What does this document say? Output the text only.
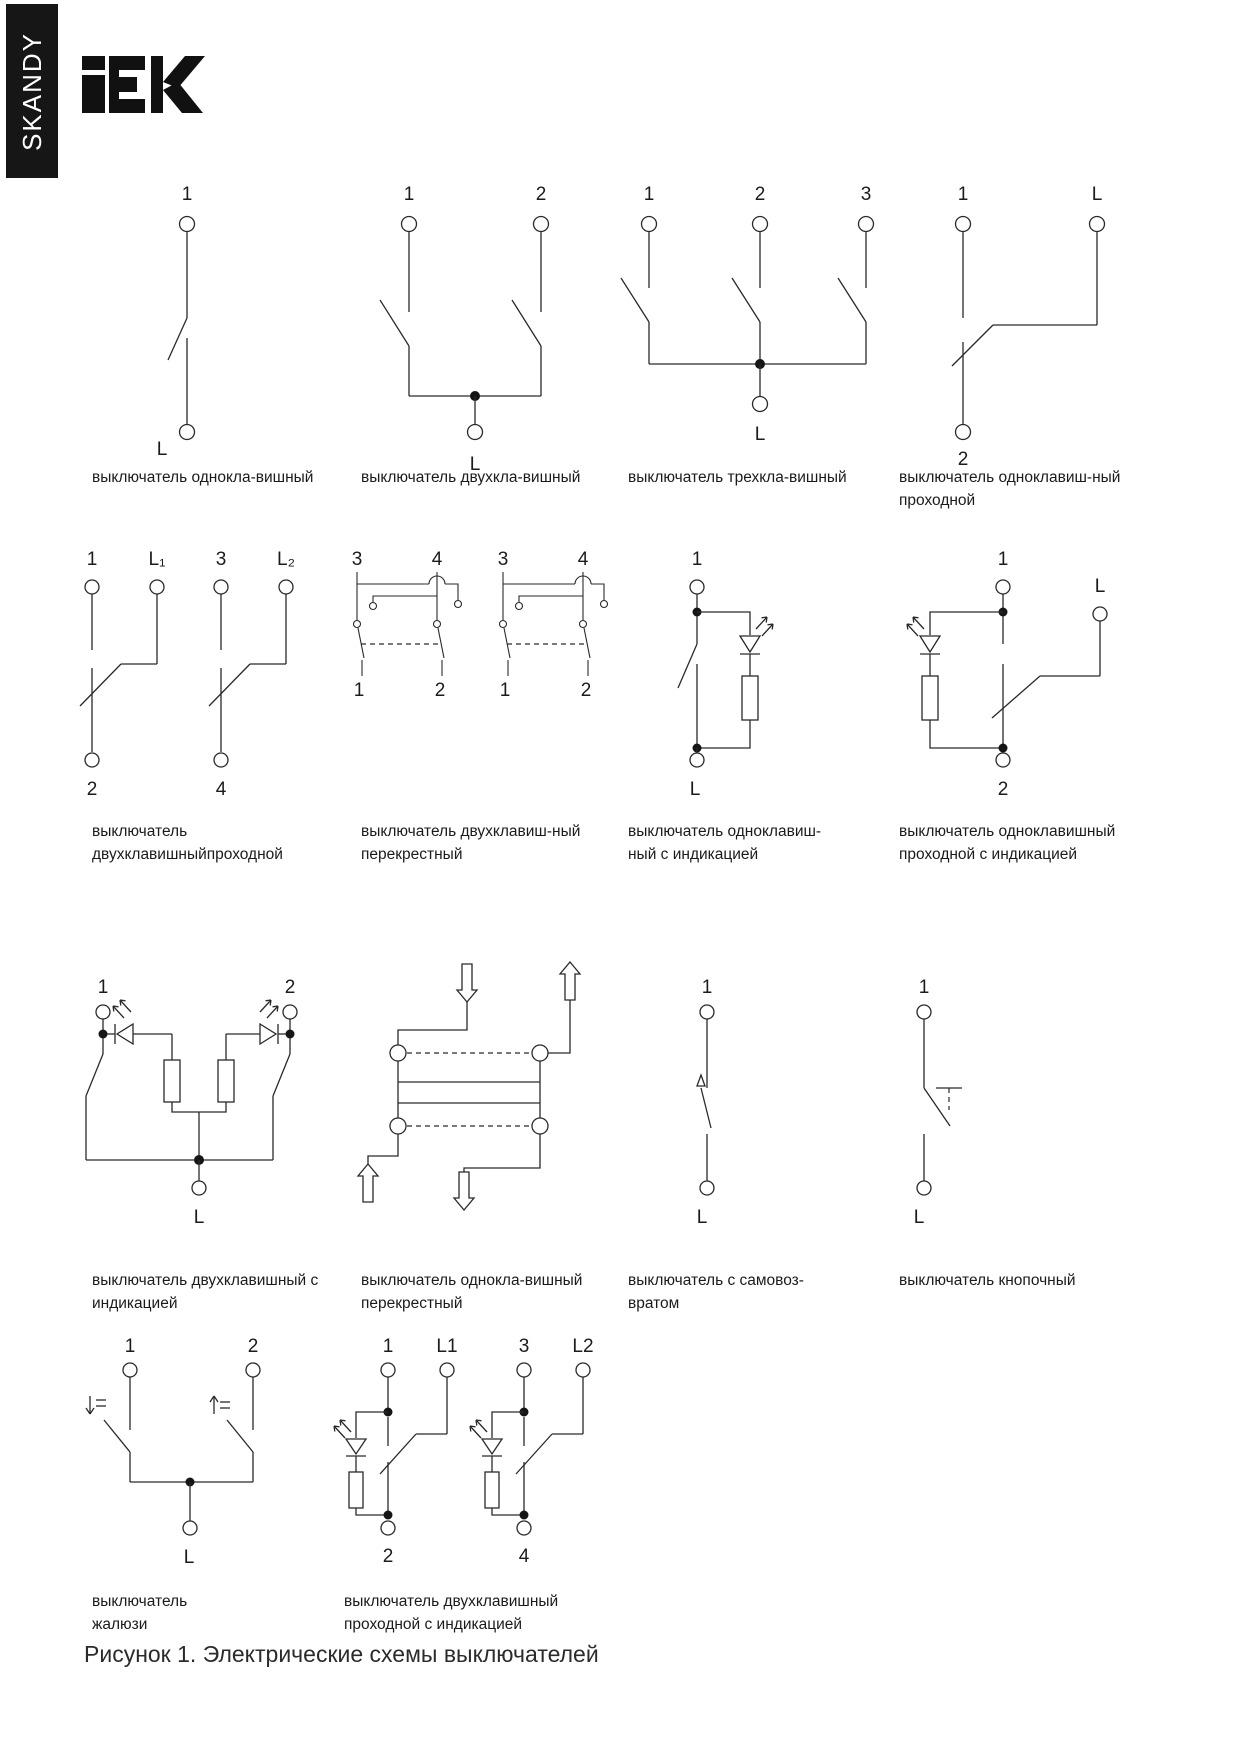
SKANDY
1
L
1	2
L
1	2	3
L
1	L
2
1	L₁
2
3	L₂
4
3	4
1	2
3	4
1	2
1
L
1
L
2
1	2
L
1
L
1
L
1	2
L
1 L1
2
3 L2
4
выключатель однокла-вишный	выключатель двухкла-вишный	выключатель трехкла-вишный	выключатель одноклавиш-ный
проходной
выключатель
двухклавишныйпроходной
выключатель двухклавиш-ный
перекрестный
выключатель одноклавиш-
ный с индикацией
выключатель одноклавишный
проходной с индикацией
выключатель двухклавишный с
индикацией
выключатель однокла-вишный
перекрестный
выключатель с самовоз-
вратом
выключатель кнопочный
выключатель
жалюзи
выключатель двухклавишный
проходной с индикацией
Рисунок 1. Электрические схемы выключателей
